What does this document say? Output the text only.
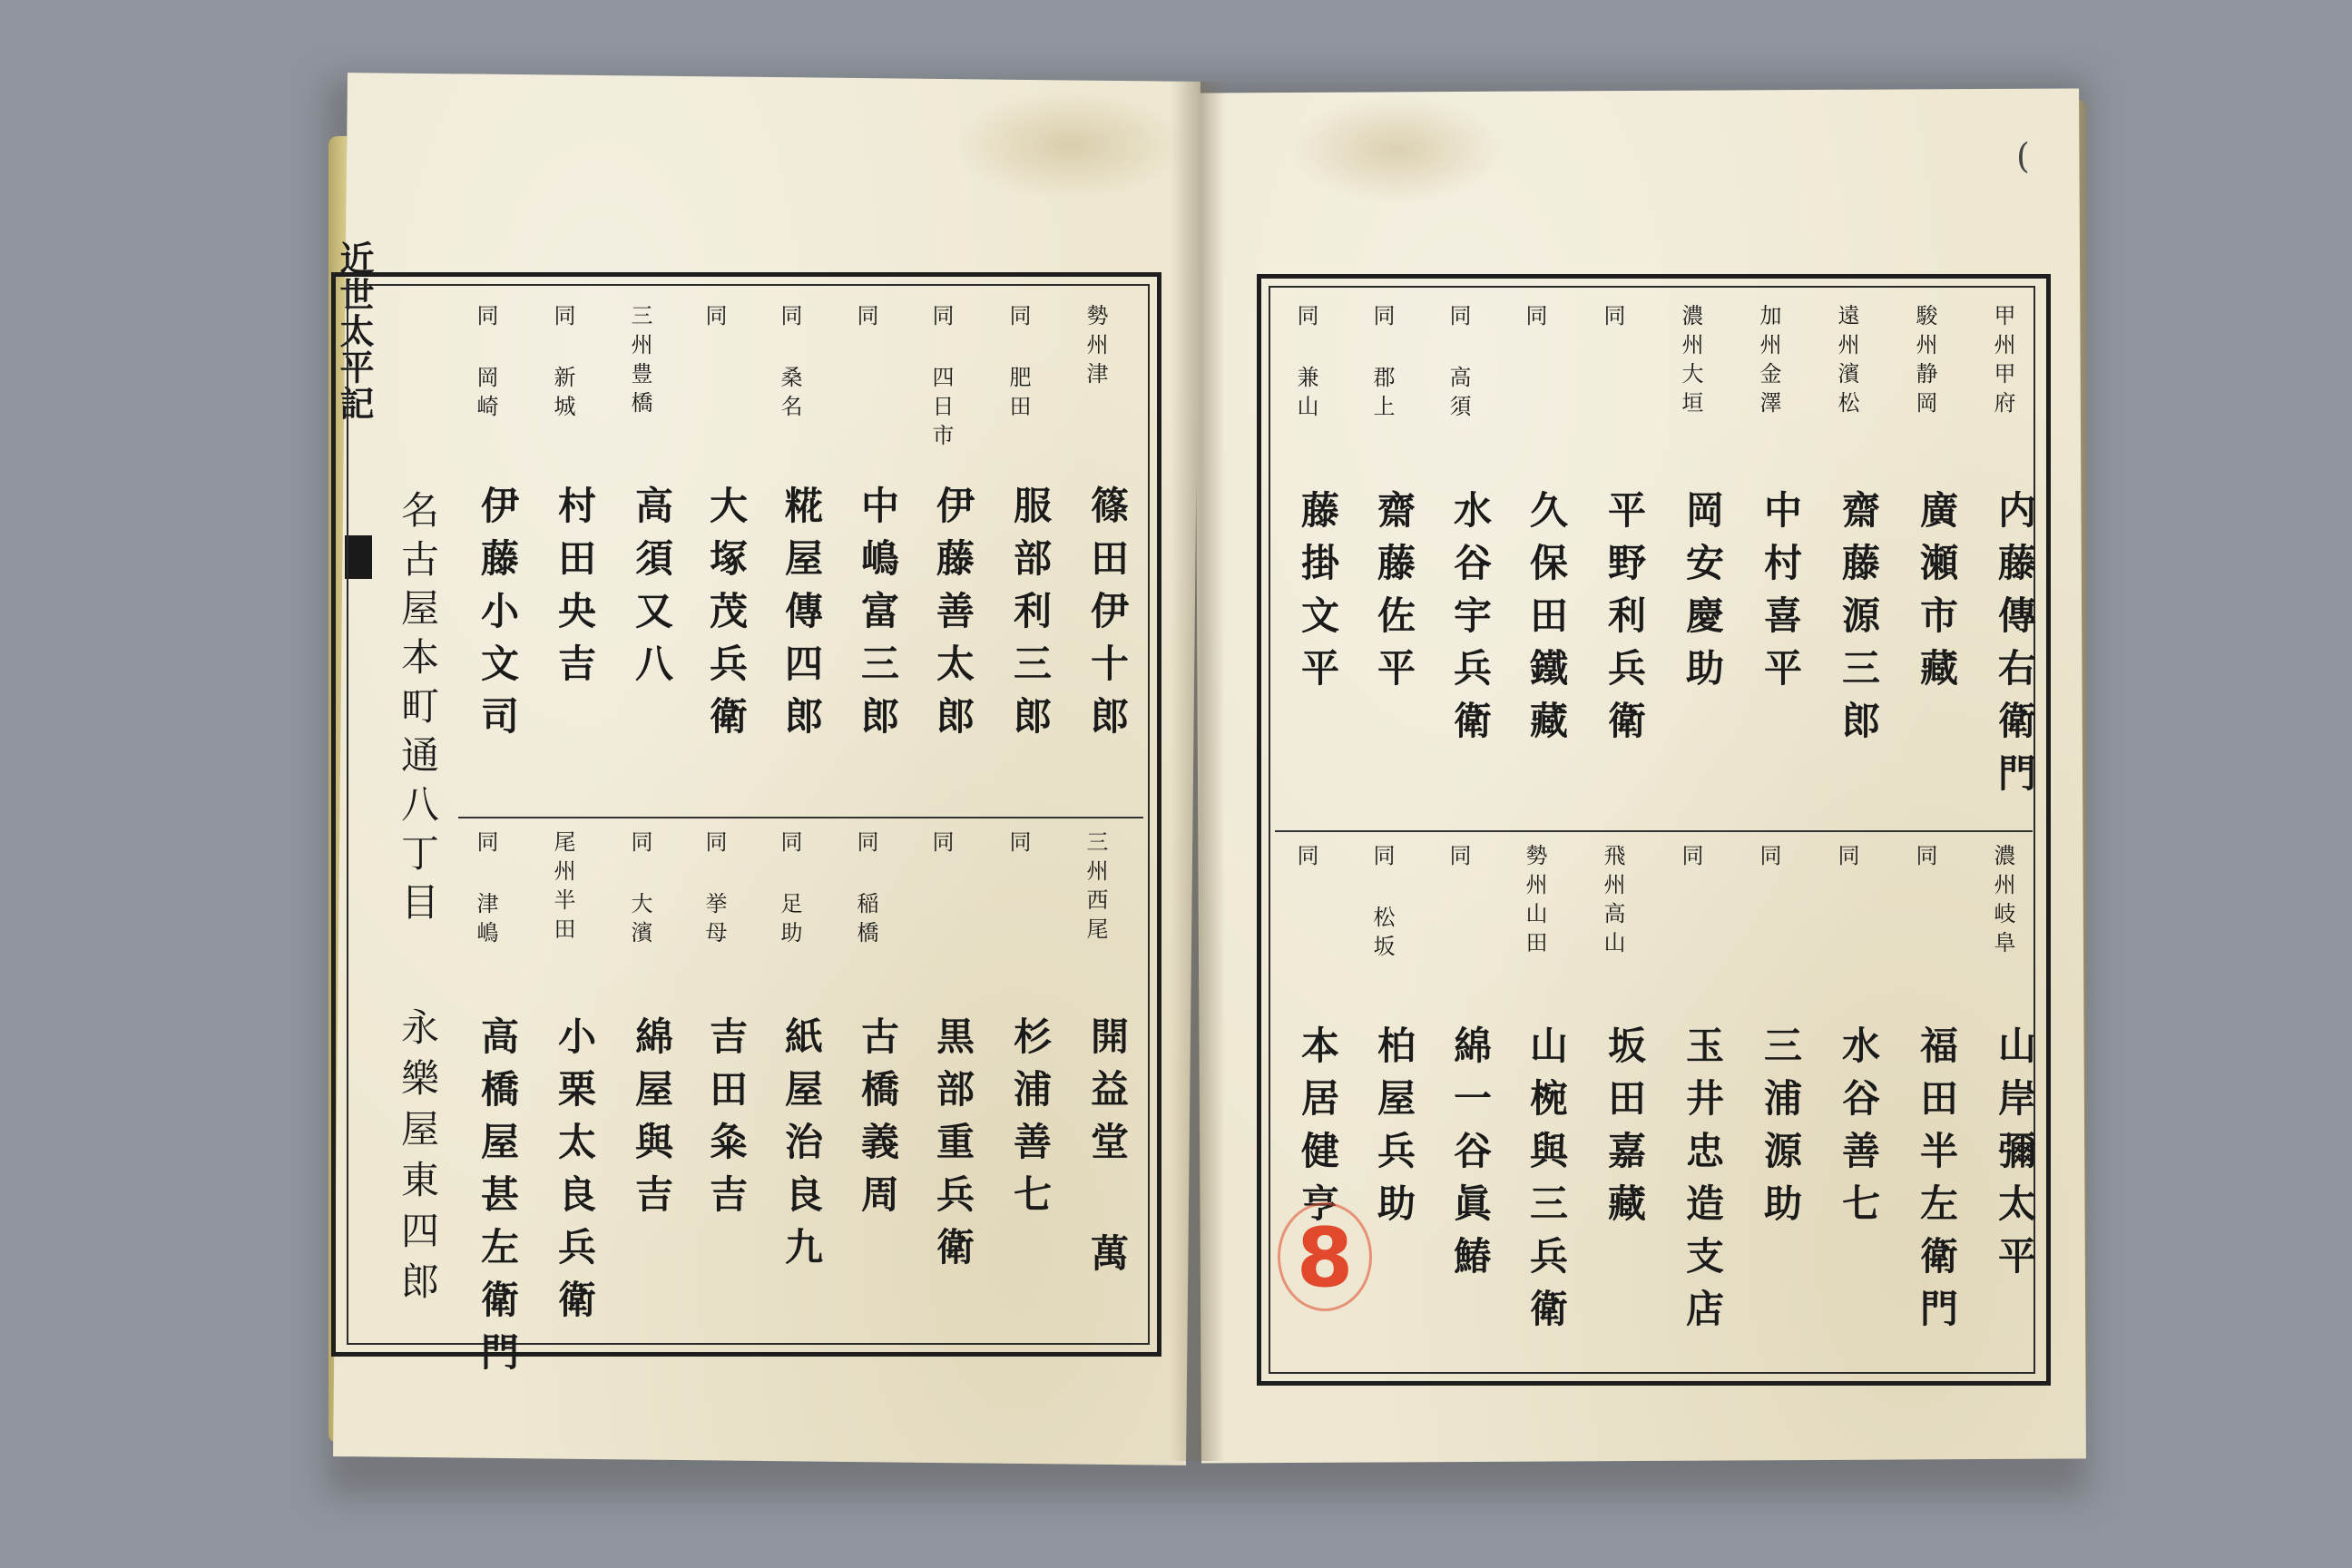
近世太平記	勢州津
篠田伊十郎
同 肥田
服部利三郎
同 四日市
伊藤善太郎
同
中嶋富三郎
同 桑名
糀屋傳四郎
同
大塚茂兵衛
三州豊橋
高須又八
同 新城
村田央吉
同 岡崎
伊藤小文司
三州西尾
開益堂 萬
同
杉浦善七
同
黒部重兵衛
同 稲橋
古橋義周
同 足助
紙屋治良九
同 挙母
吉田粂吉
同 大濱
綿屋與吉
尾州半田
小栗太良兵衛
同 津嶋
高橋屋甚左衛門
名古屋本町通八丁目
永樂屋東四郎
甲州甲府
内藤傳右衛門
駿州静岡
廣瀬市藏
遠州濱松
齋藤源三郎
加州金澤
中村喜平
濃州大垣
岡安慶助
同
平野利兵衛
同
久保田鐵藏
同 高須
水谷宇兵衛
同 郡上
齋藤佐平
同 兼山
藤掛文平
濃州岐阜
山岸彌太平
同
福田半左衛門
同
水谷善七
同
三浦源助
同
玉井忠造支店
飛州高山
坂田嘉藏
勢州山田
山椀與三兵衛
同
綿一谷眞鰆
同 松坂
柏屋兵助
同
本居健亨
8
(
